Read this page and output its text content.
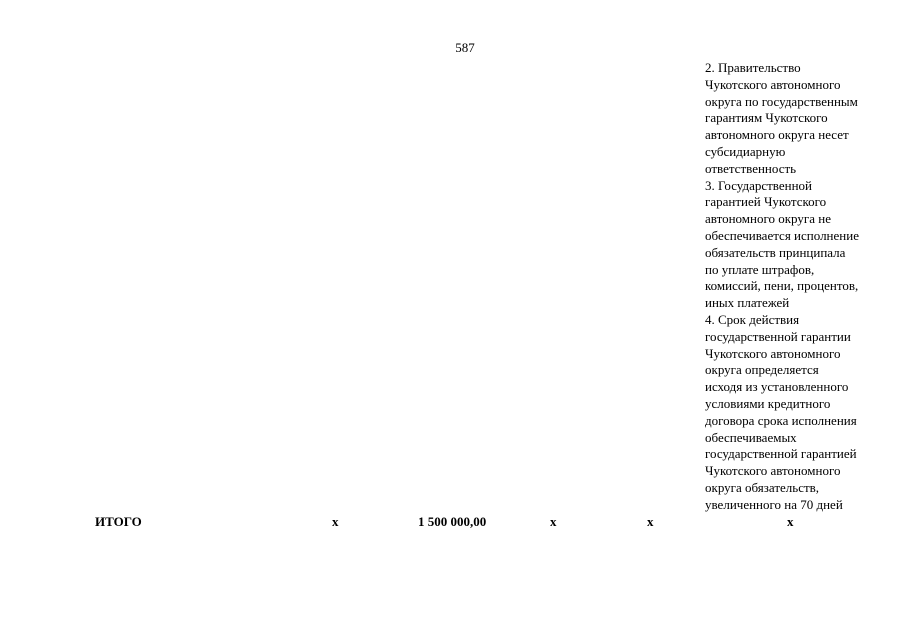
587
2. Правительство
Чукотского автономного
округа по государственным
гарантиям Чукотского
автономного округа несет
субсидиарную
ответственность
3. Государственной
гарантией Чукотского
автономного округа не
обеспечивается исполнение
обязательств принципала
по уплате штрафов,
комиссий, пени, процентов,
иных платежей
4. Срок действия
государственной гарантии
Чукотского автономного
округа определяется
исходя из установленного
условиями кредитного
договора срока исполнения
обеспечиваемых
государственной гарантией
Чукотского автономного
округа обязательств,
увеличенного на 70 дней
ИТОГО	x	1 500 000,00	x	x	x
